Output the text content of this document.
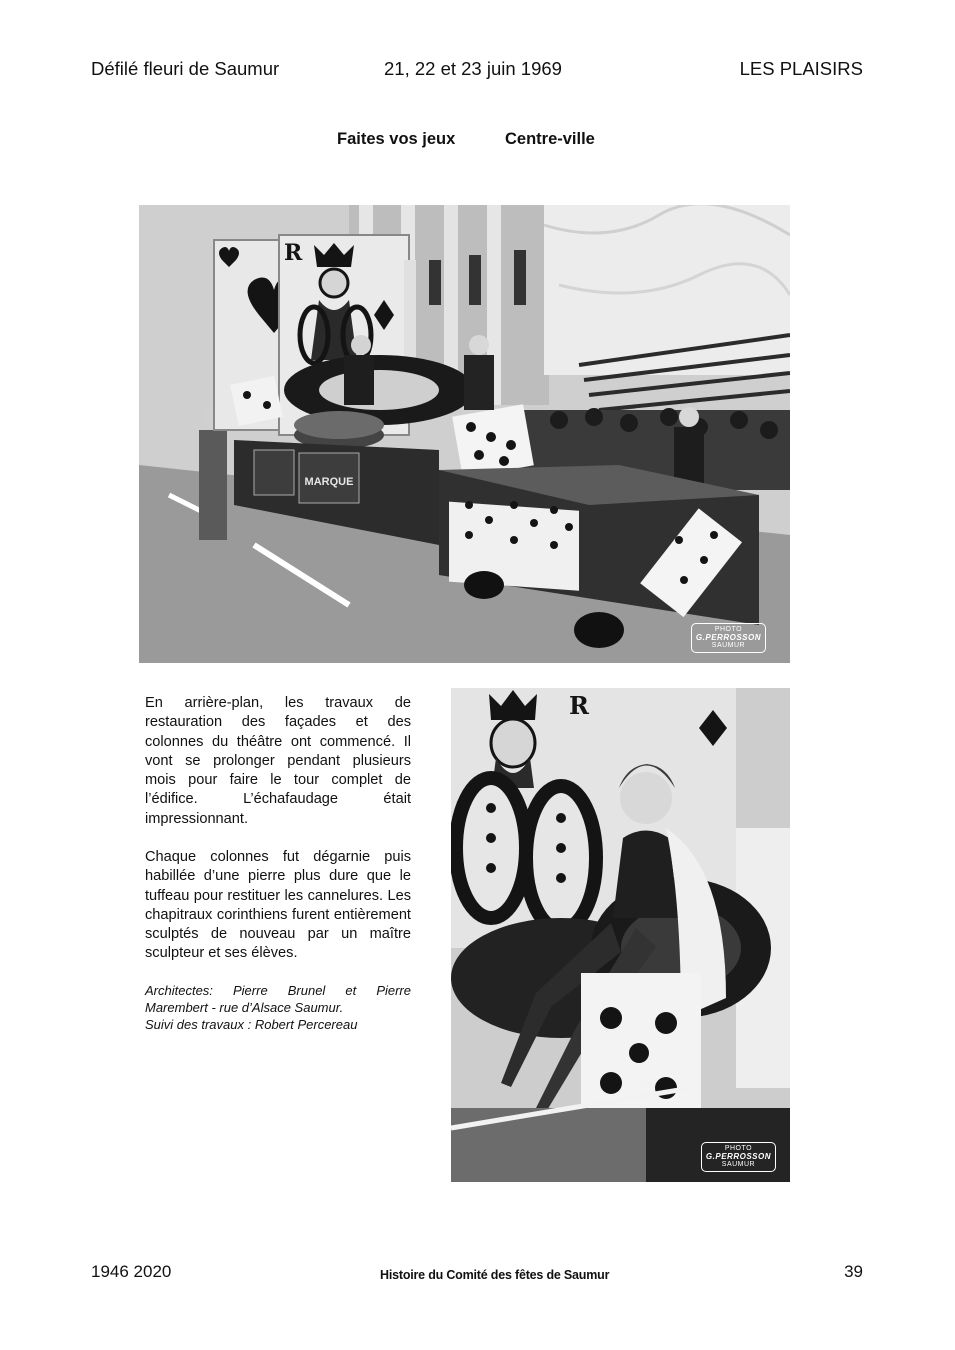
Défilé fleuri de Saumur	21, 22 et 23 juin 1969	LES PLAISIRS
Faites vos jeux	Centre-ville
R
MARQUE
PHOTO
G.PERROSSON
SAUMUR
En arrière-plan, les travaux de restauration des façades et des colonnes du théâtre ont commencé. Il vont se prolonger pendant plusieurs mois pour faire le tour complet de l’édifice. L’échafaudage était impressionnant.
Chaque colonnes fut dégarnie puis habillée d’une pierre plus dure que le tuffeau pour restituer les cannelures. Les chapitraux corinthiens furent entièrement sculptés de nouveau par un maître sculpteur et ses élèves.
Architectes: Pierre Brunel et Pierre
Marembert - rue d’Alsace Saumur.
Suivi des travaux : Robert Percereau
R
PHOTO
G.PERROSSON
SAUMUR
1946 2020	Histoire du Comité des fêtes de Saumur	39
